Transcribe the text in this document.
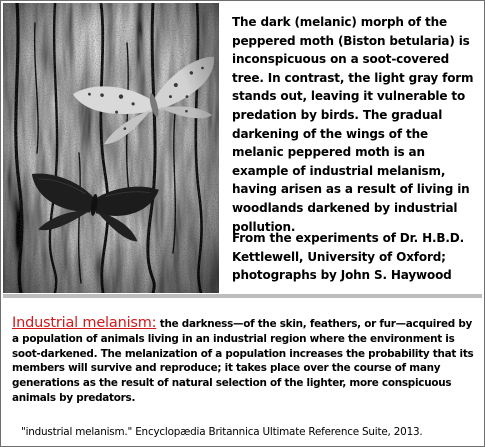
The dark (melanic) morph of the peppered moth (Biston betularia) is inconspicuous on a soot-covered tree. In contrast, the light gray form stands out, leaving it vulnerable to predation by birds. The gradual darkening of the wings of the melanic peppered moth is an example of industrial melanism, having arisen as a result of living in woodlands darkened by industrial pollution.

From the experiments of Dr. H.B.D. Kettlewell, University of Oxford; photographs by John S. Haywood

Industrial melanism: the darkness—of the skin, feathers, or fur—acquired by a population of animals living in an industrial region where the environment is soot-darkened. The melanization of a population increases the probability that its members will survive and reproduce; it takes place over the course of many generations as the result of natural selection of the lighter, more conspicuous animals by predators.

"industrial melanism." Encyclopædia Britannica Ultimate Reference Suite, 2013.
